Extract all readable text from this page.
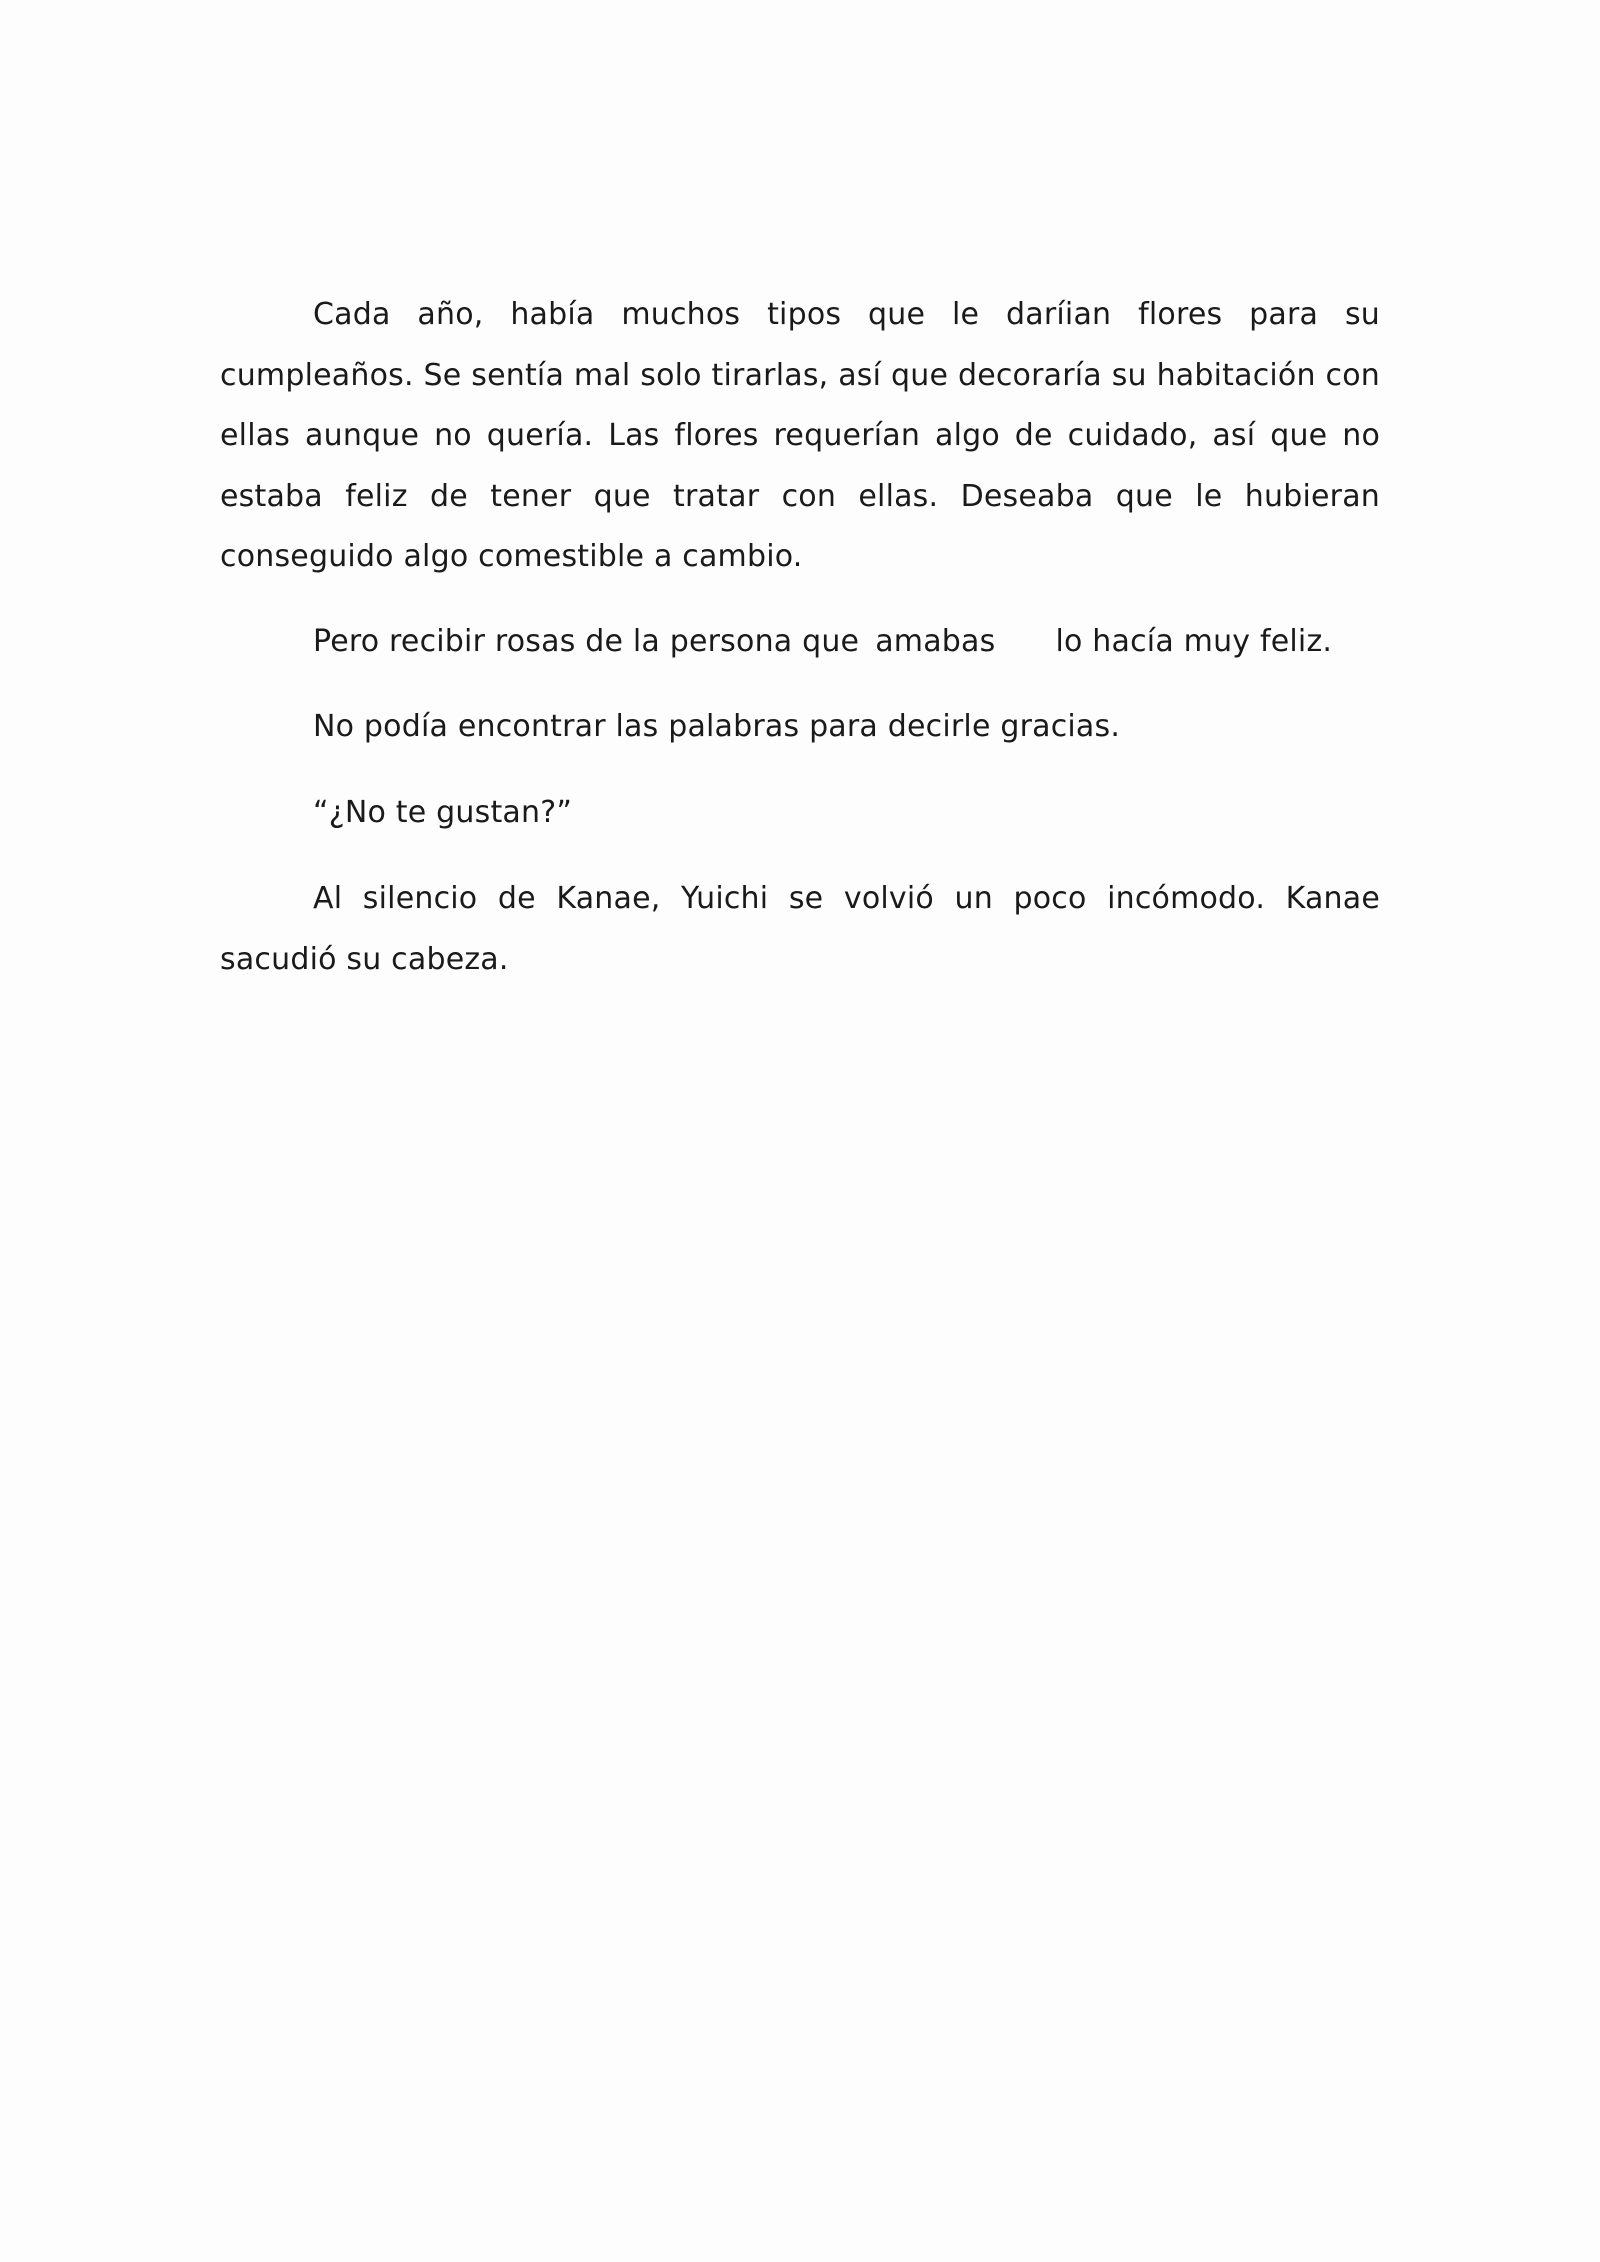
Cada año, había muchos tipos que le daríian flores para su cumpleaños. Se sentía mal solo tirarlas, así que decoraría su habitación con ellas aunque no quería. Las flores requerían algo de cuidado, así que no estaba feliz de tener que tratar con ellas. Deseaba que le hubieran conseguido algo comestible a cambio.

Pero recibir rosas de la persona que amabas lo hacía muy feliz.

No podía encontrar las palabras para decirle gracias.

“¿No te gustan?”

Al silencio de Kanae, Yuichi se volvió un poco incómodo. Kanae sacudió su cabeza.
